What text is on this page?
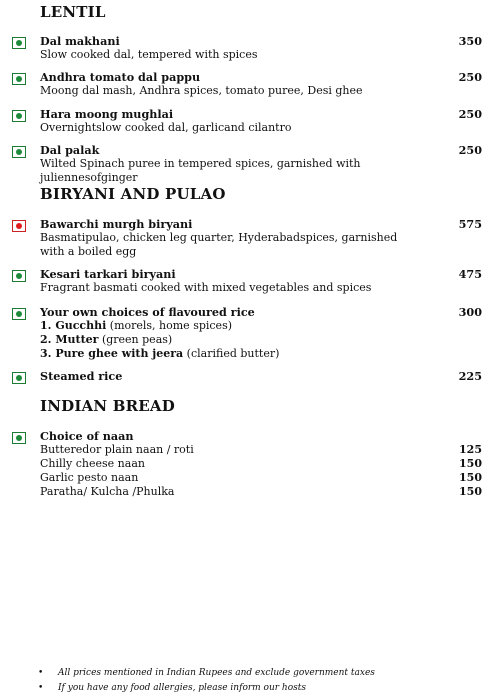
LENTIL
Dal makhani	350
Slow cooked dal, tempered with spices
Andhra tomato dal pappu	250
Moong dal mash, Andhra spices, tomato puree, Desi ghee
Hara moong mughlai	250
Overnightslow cooked dal, garlicand cilantro
Dal palak	250
Wilted Spinach puree in tempered spices, garnished with juliennesofginger
BIRYANI AND PULAO
Bawarchi murgh biryani	575
Basmatipulao, chicken leg quarter, Hyderabadspices, garnished with a boiled egg
Kesari tarkari biryani	475
Fragrant basmati cooked with mixed vegetables and spices
Your own choices of flavoured rice	300
1. Gucchhi (morels, home spices)
2. Mutter (green peas)
3. Pure ghee with jeera (clarified butter)
Steamed rice	225
INDIAN BREAD
Choice of naan
Butteredor plain naan / roti	125
Chilly cheese naan	150
Garlic pesto naan	150
Paratha/ Kulcha /Phulka	150
• All prices mentioned in Indian Rupees and exclude government taxes
• If you have any food allergies, please inform our hosts
